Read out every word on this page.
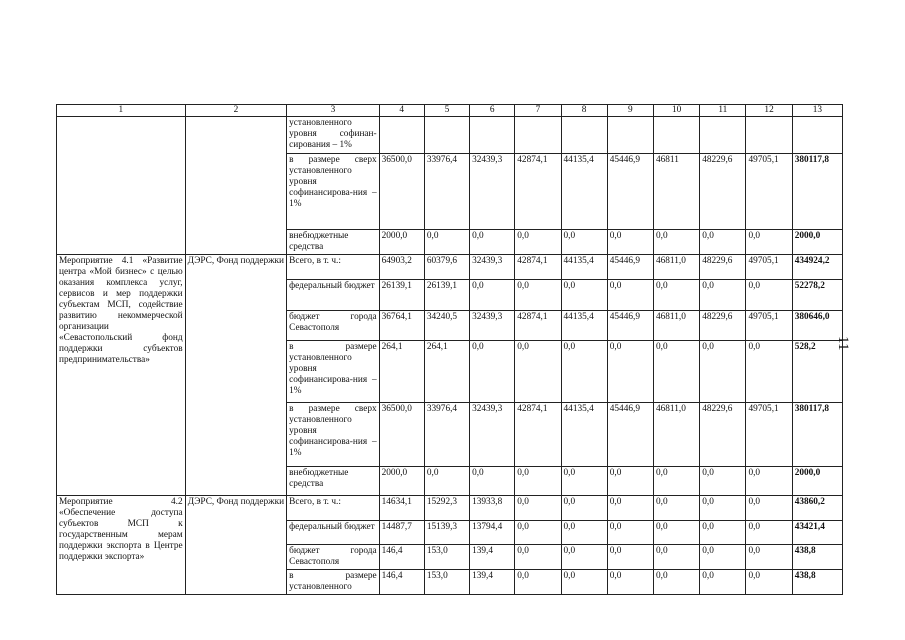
1	2	3	4	5	6	7	8	9	10	11	12	13
		установленного уровня софинан-сирования – 1%										
		в размере сверх установленного уровня софинансирова-ния – 1%	36500,0	33976,4	32439,3	42874,1	44135,4	45446,9	46811	48229,6	49705,1	380117,8
		внебюджетные средства	2000,0	0,0	0,0	0,0	0,0	0,0	0,0	0,0	0,0	2000,0
Мероприятие 4.1 «Развитие центра «Мой бизнес» с целью оказания комплекса услуг, сервисов и мер поддержки субъектам МСП, содействие развитию некоммерческой организации «Севастопольский фонд поддержки субъектов предпринимательства»	ДЭРС, Фонд поддержки	Всего, в т. ч.:	64903,2	60379,6	32439,3	42874,1	44135,4	45446,9	46811,0	48229,6	49705,1	434924,2
		федеральный бюджет	26139,1	26139,1	0,0	0,0	0,0	0,0	0,0	0,0	0,0	52278,2
		бюджет города Севастополя	36764,1	34240,5	32439,3	42874,1	44135,4	45446,9	46811,0	48229,6	49705,1	380646,0
		в размере установленного уровня софинансирова-ния – 1%	264,1	264,1	0,0	0,0	0,0	0,0	0,0	0,0	0,0	528,2
		в размере сверх установленного уровня софинансирова-ния – 1%	36500,0	33976,4	32439,3	42874,1	44135,4	45446,9	46811,0	48229,6	49705,1	380117,8
		внебюджетные средства	2000,0	0,0	0,0	0,0	0,0	0,0	0,0	0,0	0,0	2000,0
Мероприятие 4.2 «Обеспечение доступа субъектов МСП к государственным мерам поддержки экспорта в Центре поддержки экспорта»	ДЭРС, Фонд поддержки	Всего, в т. ч.:	14634,1	15292,3	13933,8	0,0	0,0	0,0	0,0	0,0	0,0	43860,2
		федеральный бюджет	14487,7	15139,3	13794,4	0,0	0,0	0,0	0,0	0,0	0,0	43421,4
		бюджет города Севастополя	146,4	153,0	139,4	0,0	0,0	0,0	0,0	0,0	0,0	438,8
		в размере установленного	146,4	153,0	139,4	0,0	0,0	0,0	0,0	0,0	0,0	438,8
11
